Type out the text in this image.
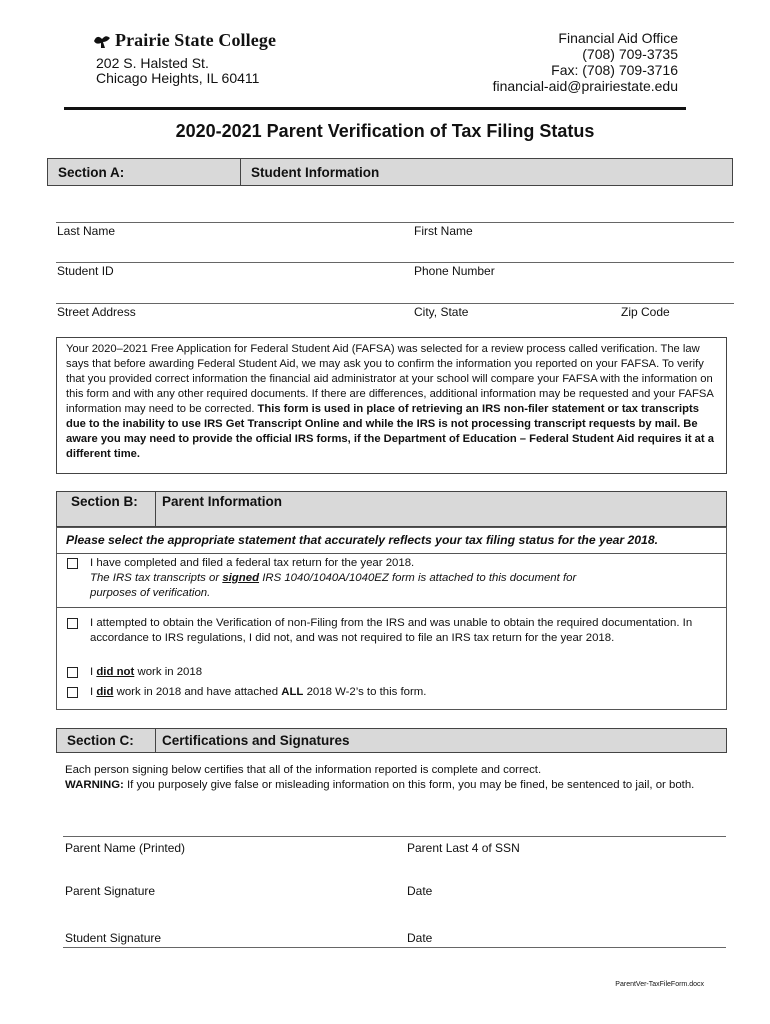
Prairie State College
202 S. Halsted St.
Chicago Heights, IL 60411
Financial Aid Office
(708) 709-3735
Fax: (708) 709-3716
financial-aid@prairiestate.edu
2020-2021 Parent Verification of Tax Filing Status
Section A:	Student Information
Last Name	First Name
Student ID	Phone Number
Street Address	City, State	Zip Code
Your 2020–2021 Free Application for Federal Student Aid (FAFSA) was selected for a review process called verification. The law says that before awarding Federal Student Aid, we may ask you to confirm the information you reported on your FAFSA. To verify that you provided correct information the financial aid administrator at your school will compare your FAFSA with the information on this form and with any other required documents. If there are differences, additional information may be requested and your FAFSA information may need to be corrected. This form is used in place of retrieving an IRS non-filer statement or tax transcripts due to the inability to use IRS Get Transcript Online and while the IRS is not processing transcript requests by mail. Be aware you may need to provide the official IRS forms, if the Department of Education – Federal Student Aid requires it at a different time.
Section B:	Parent Information
Please select the appropriate statement that accurately reflects your tax filing status for the year 2018.
I have completed and filed a federal tax return for the year 2018.
The IRS tax transcripts or signed IRS 1040/1040A/1040EZ form is attached to this document for
purposes of verification.
I attempted to obtain the Verification of non-Filing from the IRS and was unable to obtain the required documentation. In accordance to IRS regulations, I did not, and was not required to file an IRS tax return for the year 2018.
I did not work in 2018
I did work in 2018 and have attached ALL 2018 W-2’s to this form.
Section C:	Certifications and Signatures
Each person signing below certifies that all of the information reported is complete and correct.
WARNING: If you purposely give false or misleading information on this form, you may be fined, be sentenced to jail, or both.
Parent Name (Printed)	Parent Last 4 of SSN
Parent Signature	Date
Student Signature	Date
ParentVer-TaxFileForm.docx
